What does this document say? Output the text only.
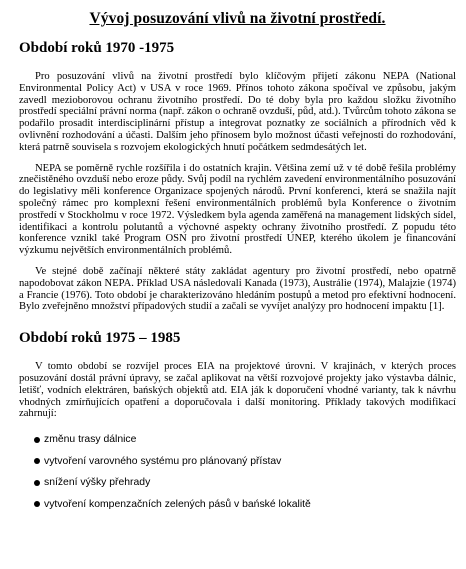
Vývoj posuzování vlivů na životní prostředí.
Období roků 1970 -1975

Pro posuzování vlivů na životní prostředí bylo klíčovým přijetí zákonu NEPA (National Environmental Policy Act) v USA v roce 1969. Přínos tohoto zákona spočíval ve způsobu, jakým zavedl mezioborovou ochranu životního prostředí. Do té doby byla pro každou složku životního prostředí speciální právní norma (např. zákon o ochraně ovzduší, půd, atd.). Tvůrcům tohoto zákona se podařilo prosadit interdisciplinární přístup a integrovat poznatky ze sociálních a přírodních věd k ovlivnění rozhodování a účasti. Dalším jeho přínosem bylo možnost účasti veřejnosti do rozhodování, která patrně souvisela s rozvojem ekologických hnutí počátkem sedmdesátých let.

NEPA se poměrně rychle rozšířila i do ostatních krajin. Většina zemí už v té době řešila problémy znečistěného ovzduší nebo eroze půdy. Svůj podíl na rychlém zavedení environmentálního posuzování do legislativy měli konference Organizace spojených národů. První konferenci, která se snažila najít společný rámec pro komplexní řešení environmentálních problémů byla Konference o životním prostředí v Stockholmu v roce 1972. Výsledkem byla agenda zaměřená na management lidských sídel, identifikaci a kontrolu polutantů a výchovné aspekty ochrany životního prostředí. Z popudu této konference vznikl také Program OSN pro životní prostředí UNEP, kterého úkolem je financování výzkumu největších environmentálních problémů.

Ve stejné době začínají některé státy zakládat agentury pro životní prostředí, nebo opatrně napodobovat zákon NEPA. Příklad USA následovali Kanada (1973), Austrálie (1974), Malajzie (1974) a Francie (1976). Toto období je charakterizováno hledáním postupů a metod pro efektivní hodnocení. Bylo zveřejněno množství případových studií a začali se vyvíjet analýzy pro hodnocení impaktu [1].

Období roků 1975 – 1985

V tomto období se rozvíjel proces EIA na projektové úrovni. V krajinách, v kterých proces posuzování dostál právní úpravy, se začal aplikovat na větší rozvojové projekty jako výstavba dálnic, letišť, vodních elektráren, bańských objektů atd. EIA ják k doporučení vhodné varianty, tak k návrhu vhodných zmírňujících opatření a doporučovala i další monitoring. Příklady takových modifikací zahrnují:

změnu trasy dálnice
vytvoření varovného systému pro plánovaný přístav
snížení výšky přehrady
vytvoření kompenzačních zelených pásů v bańské lokalitě
